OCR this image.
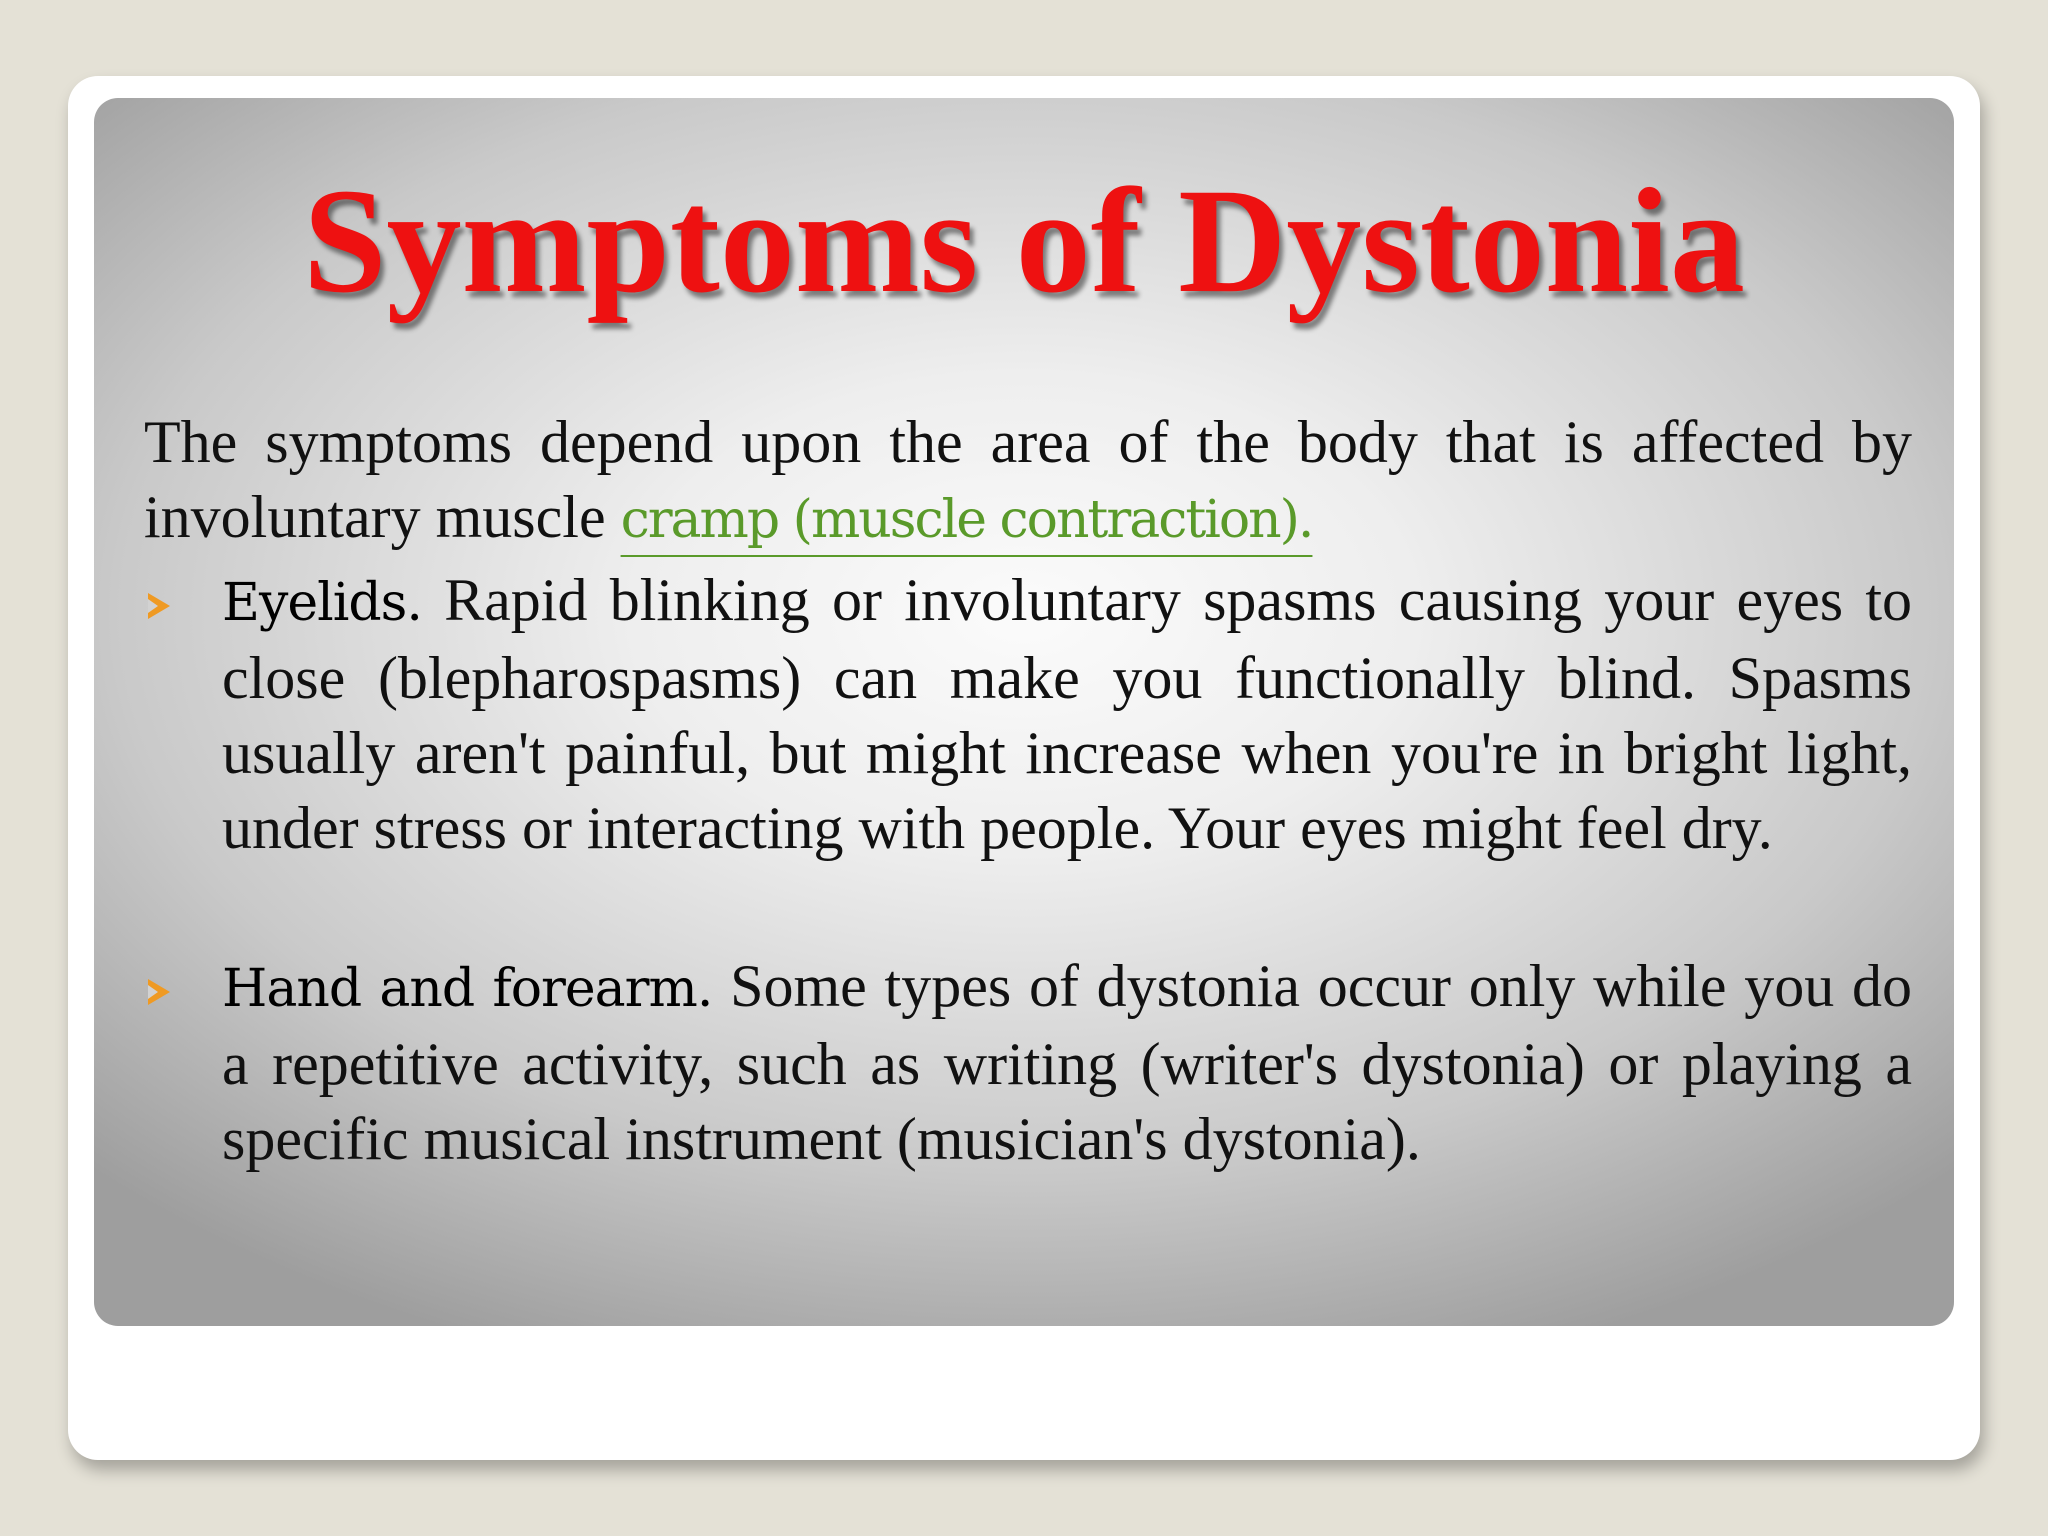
Symptoms of Dystonia

The symptoms depend upon the area of the body that is affected by involuntary muscle cramp (muscle contraction).

Eyelids. Rapid blinking or involuntary spasms causing your eyes to close (blepharospasms) can make you functionally blind. Spasms usually aren't painful, but might increase when you're in bright light, under stress or interacting with people. Your eyes might feel dry.

Hand and forearm. Some types of dystonia occur only while you do a repetitive activity, such as writing (writer's dystonia) or playing a specific musical instrument (musician's dystonia).
